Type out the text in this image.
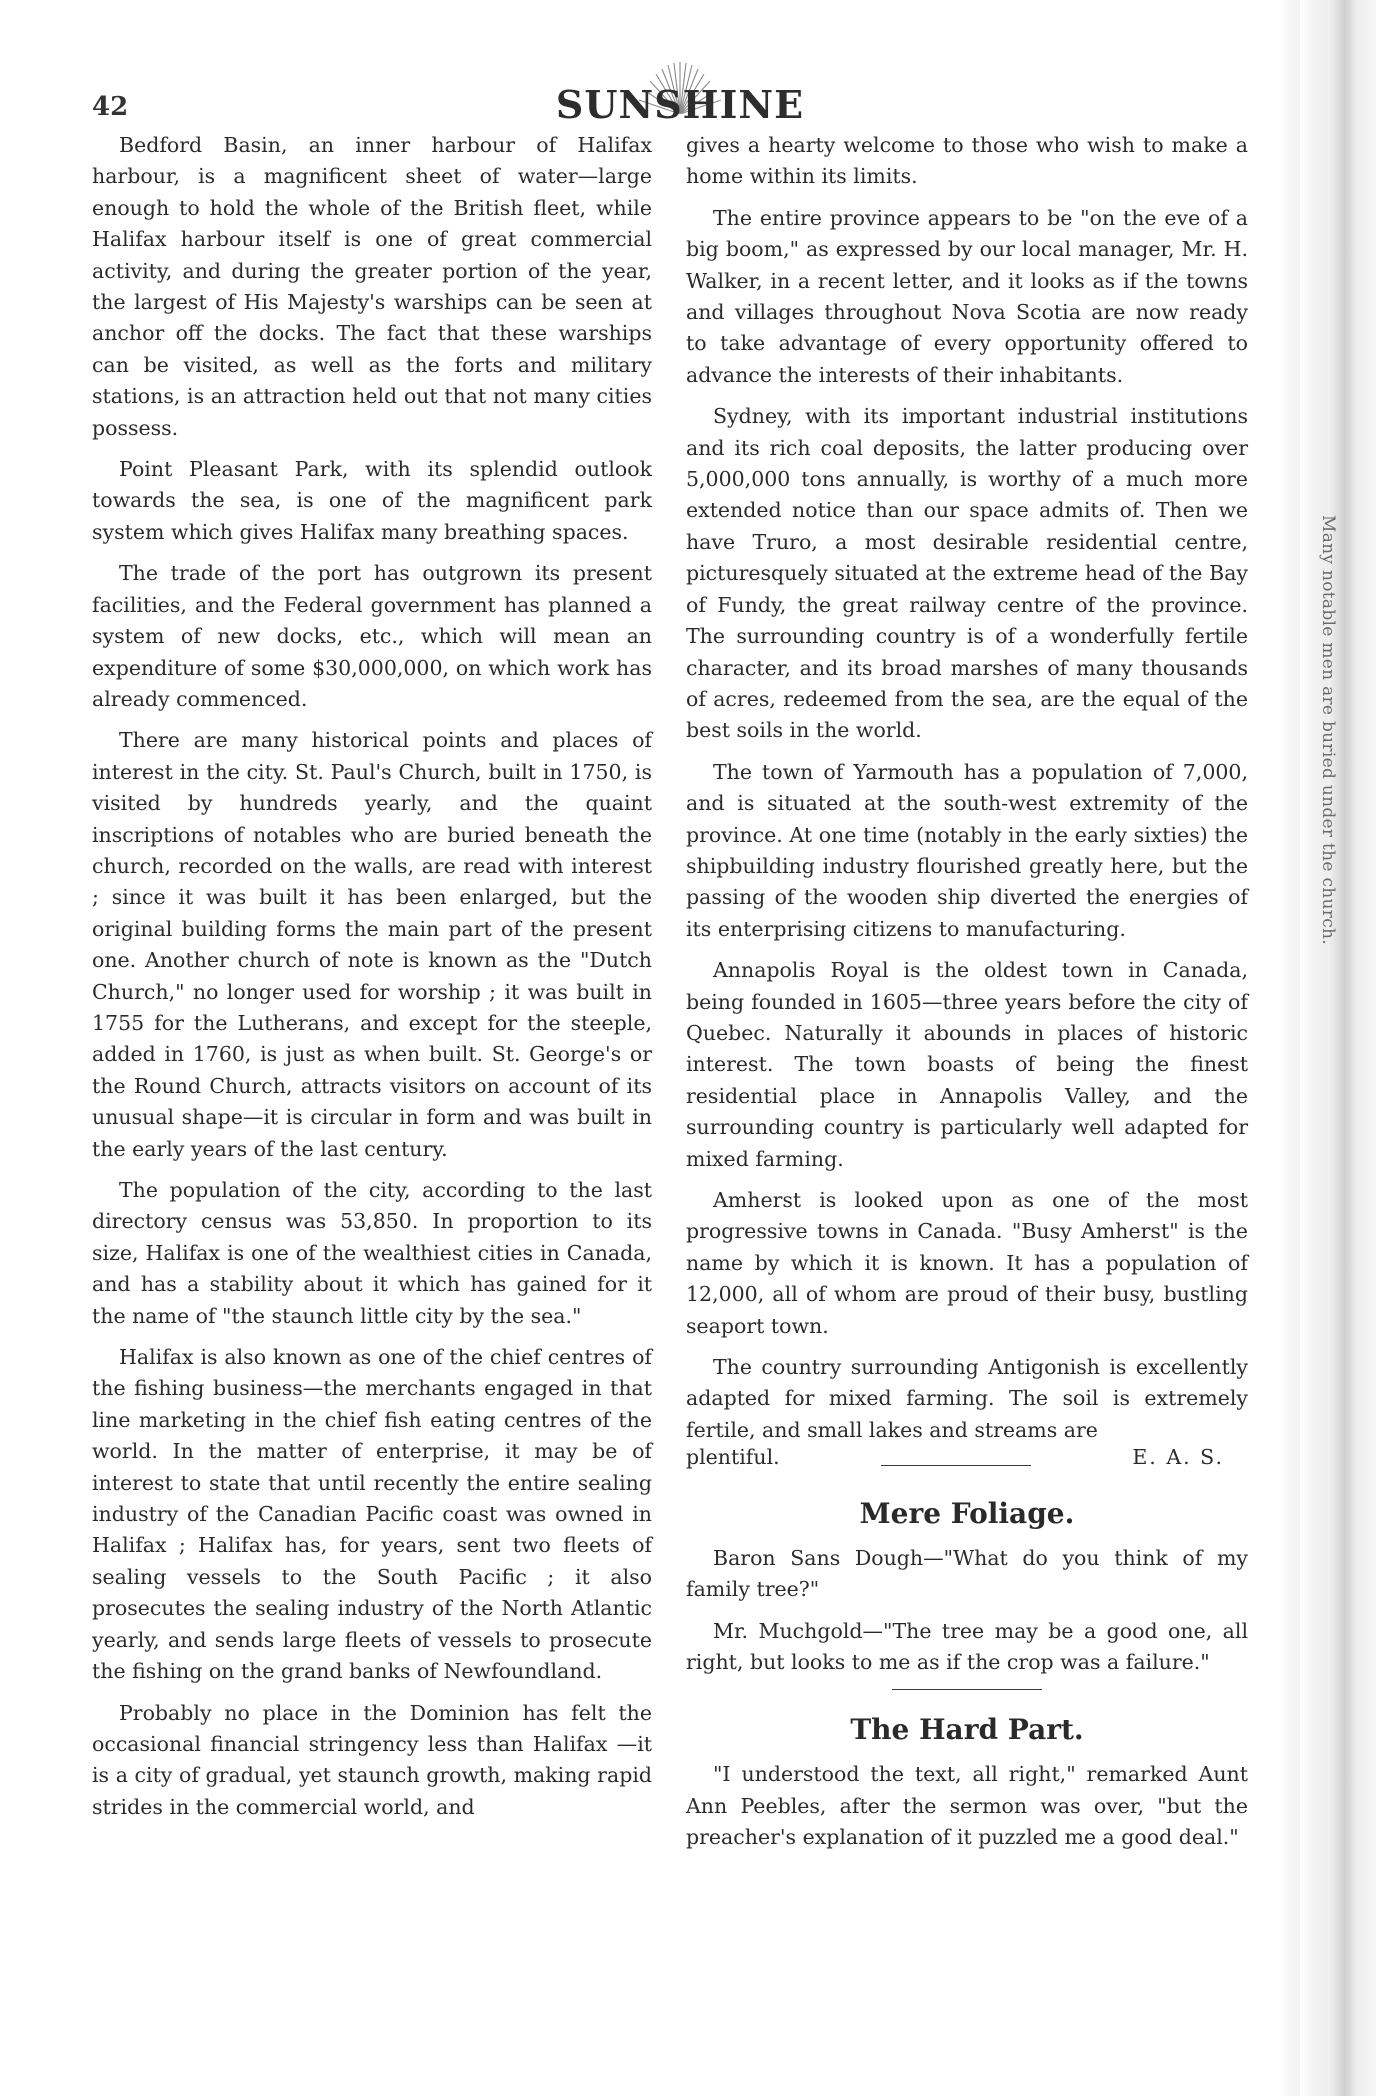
Many notable men are buried under the church.
42	SUNSHINE

Bedford Basin, an inner harbour of Halifax harbour, is a magnificent sheet of water—large enough to hold the whole of the British fleet, while Halifax harbour itself is one of great commercial activity, and during the greater portion of the year, the largest of His Majesty's warships can be seen at anchor off the docks. The fact that these warships can be visited, as well as the forts and military stations, is an attraction held out that not many cities possess.

Point Pleasant Park, with its splendid outlook towards the sea, is one of the magnificent park system which gives Halifax many breathing spaces.

The trade of the port has outgrown its present facilities, and the Federal government has planned a system of new docks, etc., which will mean an expenditure of some $30,000,000, on which work has already commenced.

There are many historical points and places of interest in the city. St. Paul's Church, built in 1750, is visited by hundreds yearly, and the quaint inscriptions of notables who are buried beneath the church, recorded on the walls, are read with interest ; since it was built it has been enlarged, but the original building forms the main part of the present one. Another church of note is known as the "Dutch Church," no longer used for worship ; it was built in 1755 for the Lutherans, and except for the steeple, added in 1760, is just as when built. St. George's or the Round Church, attracts visitors on account of its unusual shape—it is circular in form and was built in the early years of the last century.

The population of the city, according to the last directory census was 53,850. In proportion to its size, Halifax is one of the wealthiest cities in Canada, and has a stability about it which has gained for it the name of "the staunch little city by the sea."

Halifax is also known as one of the chief centres of the fishing business—the merchants engaged in that line marketing in the chief fish eating centres of the world. In the matter of enterprise, it may be of interest to state that until recently the entire sealing industry of the Canadian Pacific coast was owned in Halifax ; Halifax has, for years, sent two fleets of sealing vessels to the South Pacific ; it also prosecutes the sealing industry of the North Atlantic yearly, and sends large fleets of vessels to prosecute the fishing on the grand banks of Newfoundland.

Probably no place in the Dominion has felt the occasional financial stringency less than Halifax —it is a city of gradual, yet staunch growth, making rapid strides in the commercial world, and

gives a hearty welcome to those who wish to make a home within its limits.

The entire province appears to be "on the eve of a big boom," as expressed by our local manager, Mr. H. Walker, in a recent letter, and it looks as if the towns and villages throughout Nova Scotia are now ready to take advantage of every opportunity offered to advance the interests of their inhabitants.

Sydney, with its important industrial institutions and its rich coal deposits, the latter producing over 5,000,000 tons annually, is worthy of a much more extended notice than our space admits of. Then we have Truro, a most desirable residential centre, picturesquely situated at the extreme head of the Bay of Fundy, the great railway centre of the province. The surrounding country is of a wonderfully fertile character, and its broad marshes of many thousands of acres, redeemed from the sea, are the equal of the best soils in the world.

The town of Yarmouth has a population of 7,000, and is situated at the south-west extremity of the province. At one time (notably in the early sixties) the shipbuilding industry flourished greatly here, but the passing of the wooden ship diverted the energies of its enterprising citizens to manufacturing.

Annapolis Royal is the oldest town in Canada, being founded in 1605—three years before the city of Quebec. Naturally it abounds in places of historic interest. The town boasts of being the finest residential place in Annapolis Valley, and the surrounding country is particularly well adapted for mixed farming.

Amherst is looked upon as one of the most progressive towns in Canada. "Busy Amherst" is the name by which it is known. It has a population of 12,000, all of whom are proud of their busy, bustling seaport town.

The country surrounding Antigonish is excellently adapted for mixed farming. The soil is extremely fertile, and small lakes and streams are

plentiful.	E. A. S.
Mere Foliage.

Baron Sans Dough—"What do you think of my family tree?"

Mr. Muchgold—"The tree may be a good one, all right, but looks to me as if the crop was a failure."

The Hard Part.

"I understood the text, all right," remarked Aunt Ann Peebles, after the sermon was over, "but the preacher's explanation of it puzzled me a good deal."
